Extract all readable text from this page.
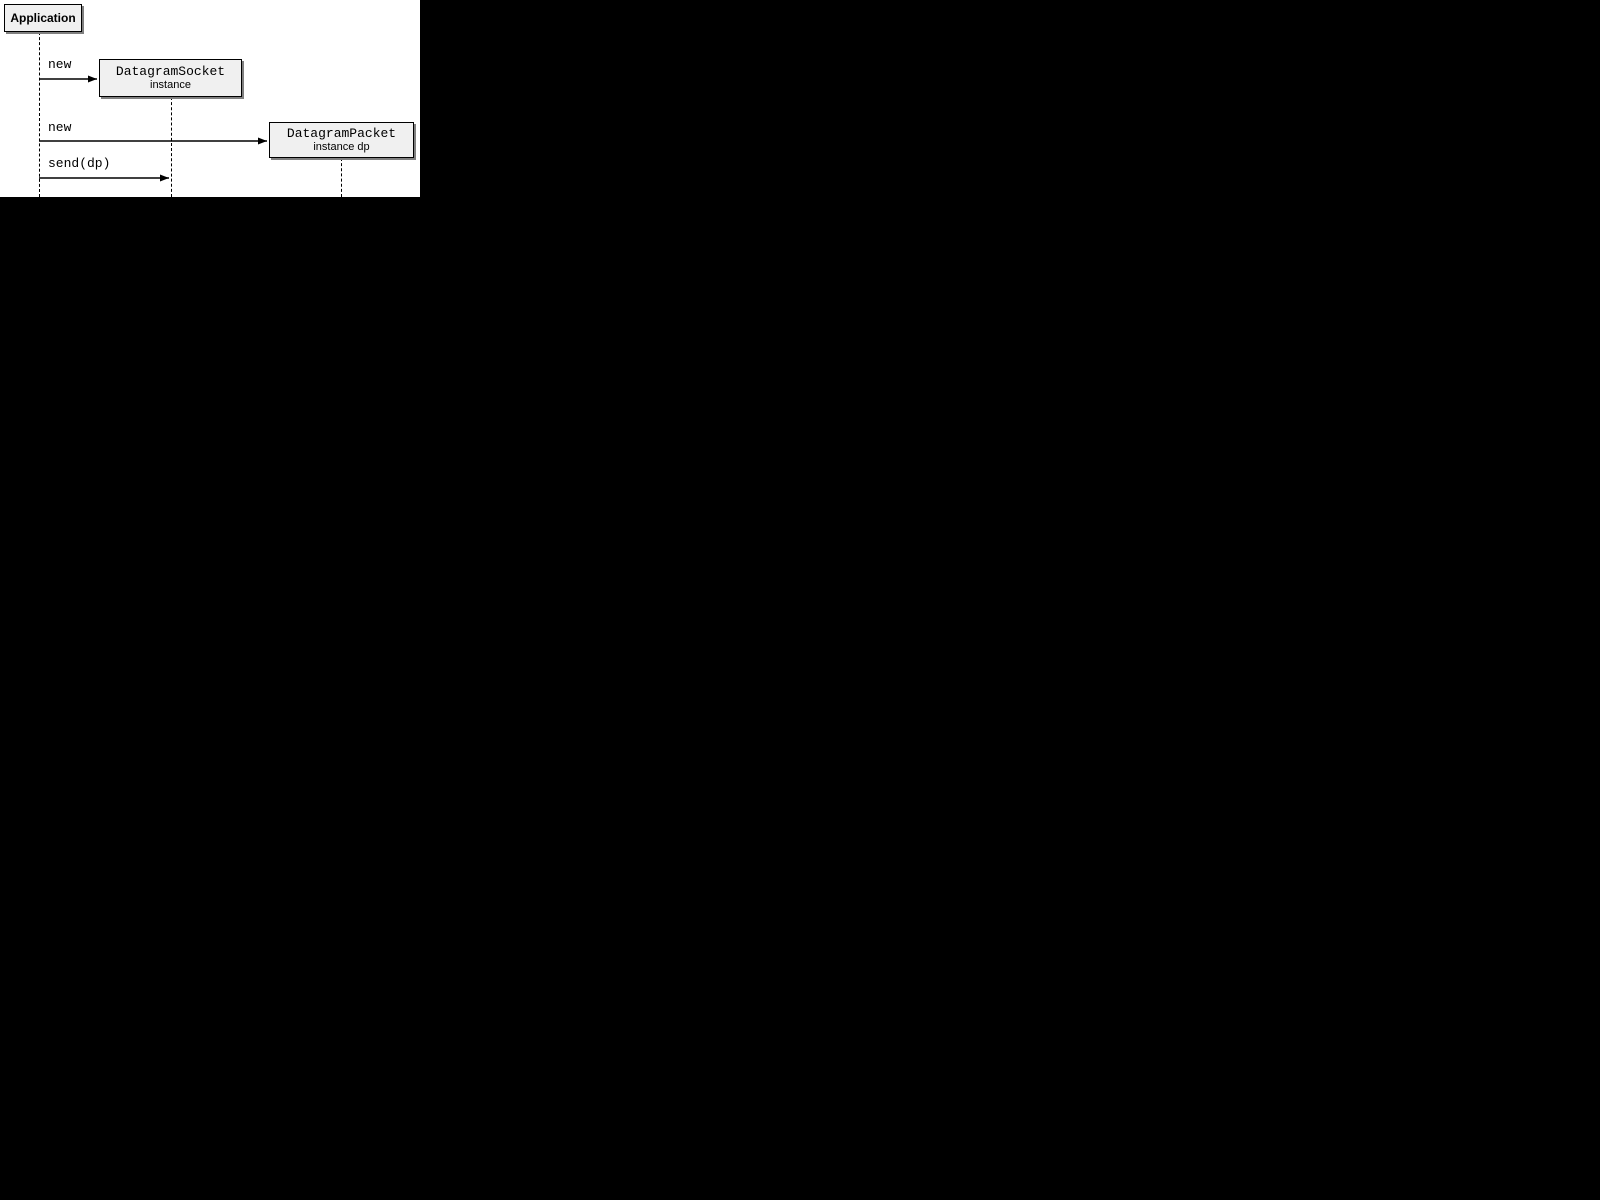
Application
DatagramSocket
instance
DatagramPacket
instance dp
new
new
send(dp)
